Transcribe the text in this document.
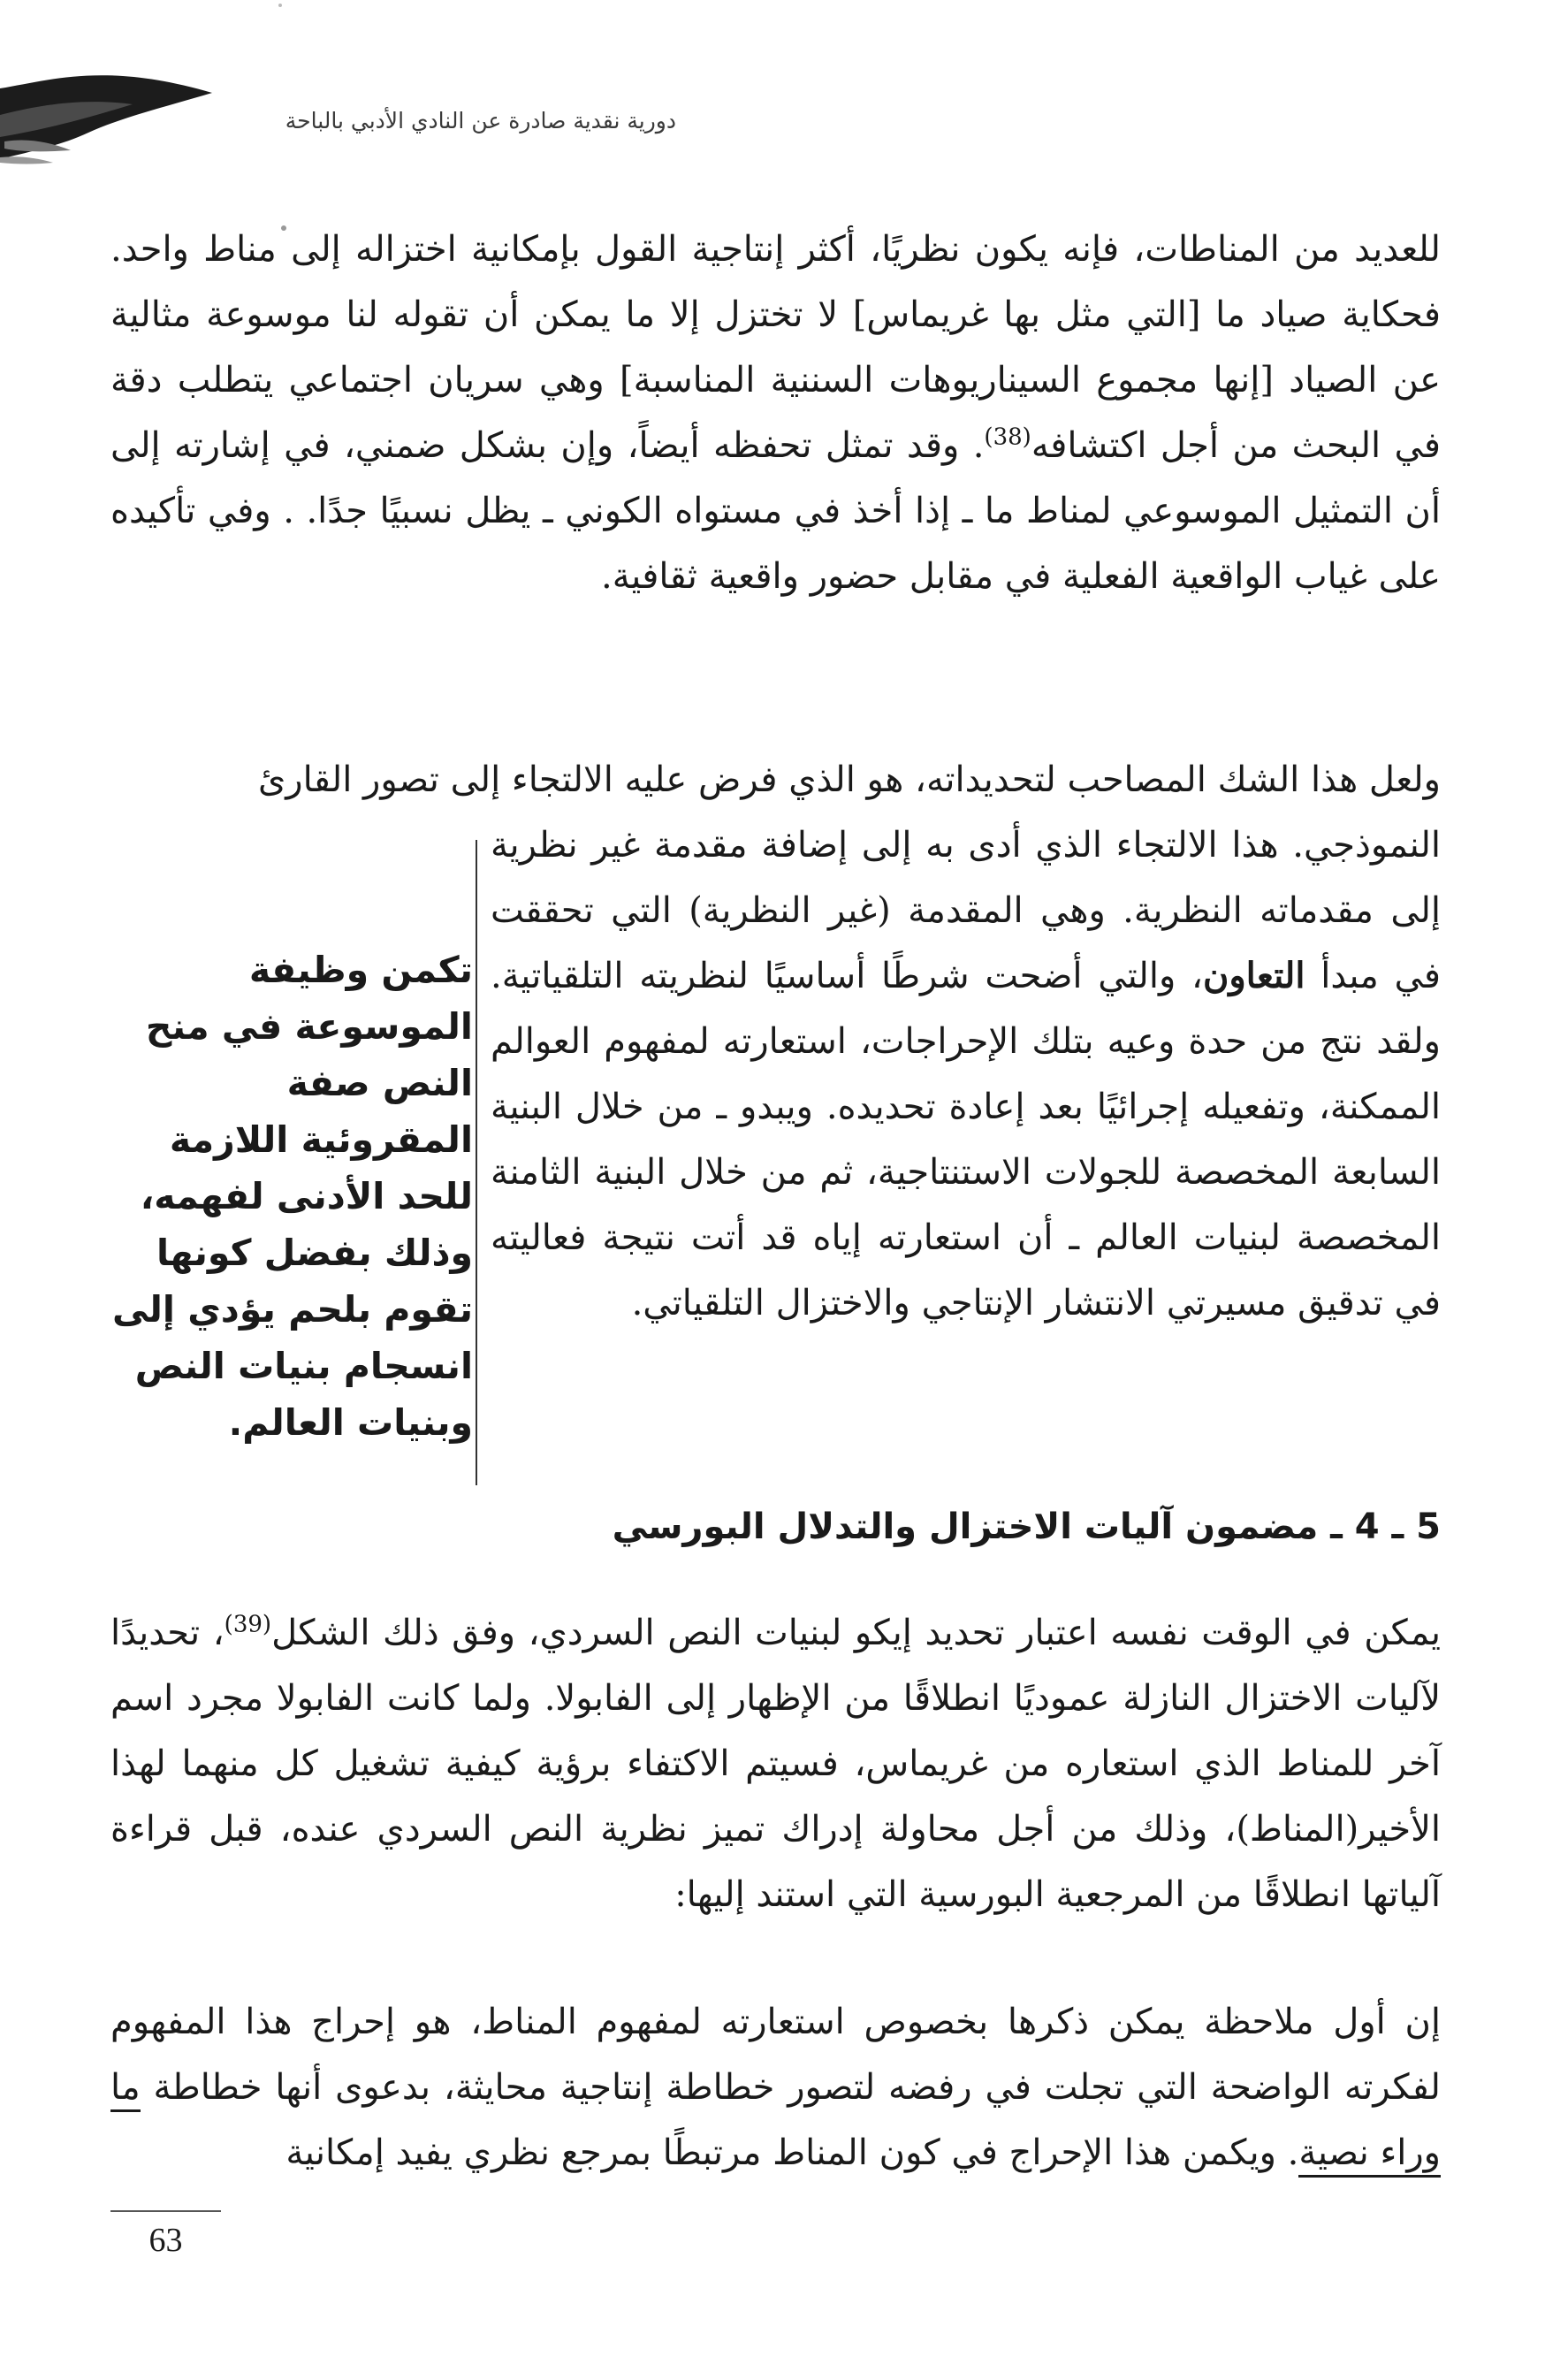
دورية نقدية صادرة عن النادي الأدبي بالباحة

للعديد من المناطات، فإنه يكون نظريًا، أكثر إنتاجية القول بإمكانية اختزاله إلى مناط واحد. فحكاية صياد ما [التي مثل بها غريماس] لا تختزل إلا ما يمكن أن تقوله لنا موسوعة مثالية عن الصياد [إنها مجموع السيناريوهات السننية المناسبة] وهي سريان اجتماعي يتطلب دقة في البحث من أجل اكتشافه$^{(38)}$. وقد تمثل تحفظه أيضاً، وإن بشكل ضمني، في إشارته إلى أن التمثيل الموسوعي لمناط ما ـ إذا أخذ في مستواه الكوني ـ يظل نسبيًا جدًا. . وفي تأكيده على غياب الواقعية الفعلية في مقابل حضور واقعية ثقافية.

ولعل هذا الشك المصاحب لتحديداته، هو الذي فرض عليه الالتجاء إلى تصور القارئ

النموذجي. هذا الالتجاء الذي أدى به إلى إضافة مقدمة غير نظرية إلى مقدماته النظرية. وهي المقدمة (غير النظرية) التي تحققت في مبدأ التعاون، والتي أضحت شرطًا أساسيًا لنظريته التلقياتية. ولقد نتج من حدة وعيه بتلك الإحراجات، استعارته لمفهوم العوالم الممكنة، وتفعيله إجرائيًا بعد إعادة تحديده. ويبدو ـ من خلال البنية السابعة المخصصة للجولات الاستنتاجية، ثم من خلال البنية الثامنة المخصصة لبنيات العالم ـ أن استعارته إياه قد أتت نتيجة فعاليته في تدقيق مسيرتي الانتشار الإنتاجي والاختزال التلقياتي.

تكمن وظيفة الموسوعة في منح النص صفة المقروئية اللازمة للحد الأدنى لفهمه، وذلك بفضل كونها تقوم بلحم يؤدي إلى انسجام بنيات النص وبنيات العالم.

5 ـ 4 ـ مضمون آليات الاختزال والتدلال البورسي

يمكن في الوقت نفسه اعتبار تحديد إيكو لبنيات النص السردي، وفق ذلك الشكل$^{(39)}$، تحديدًا لآليات الاختزال النازلة عموديًا انطلاقًا من الإظهار إلى الفابولا. ولما كانت الفابولا مجرد اسم آخر للمناط الذي استعاره من غريماس، فسيتم الاكتفاء برؤية كيفية تشغيل كل منهما لهذا الأخير(المناط)، وذلك من أجل محاولة إدراك تميز نظرية النص السردي عنده، قبل قراءة آلياتها انطلاقًا من المرجعية البورسية التي استند إليها:

إن أول ملاحظة يمكن ذكرها بخصوص استعارته لمفهوم المناط، هو إحراج هذا المفهوم لفكرته الواضحة التي تجلت في رفضه لتصور خطاطة إنتاجية محايثة، بدعوى أنها خطاطة ما وراء نصية. ويكمن هذا الإحراج في كون المناط مرتبطًا بمرجع نظري يفيد إمكانية

63
